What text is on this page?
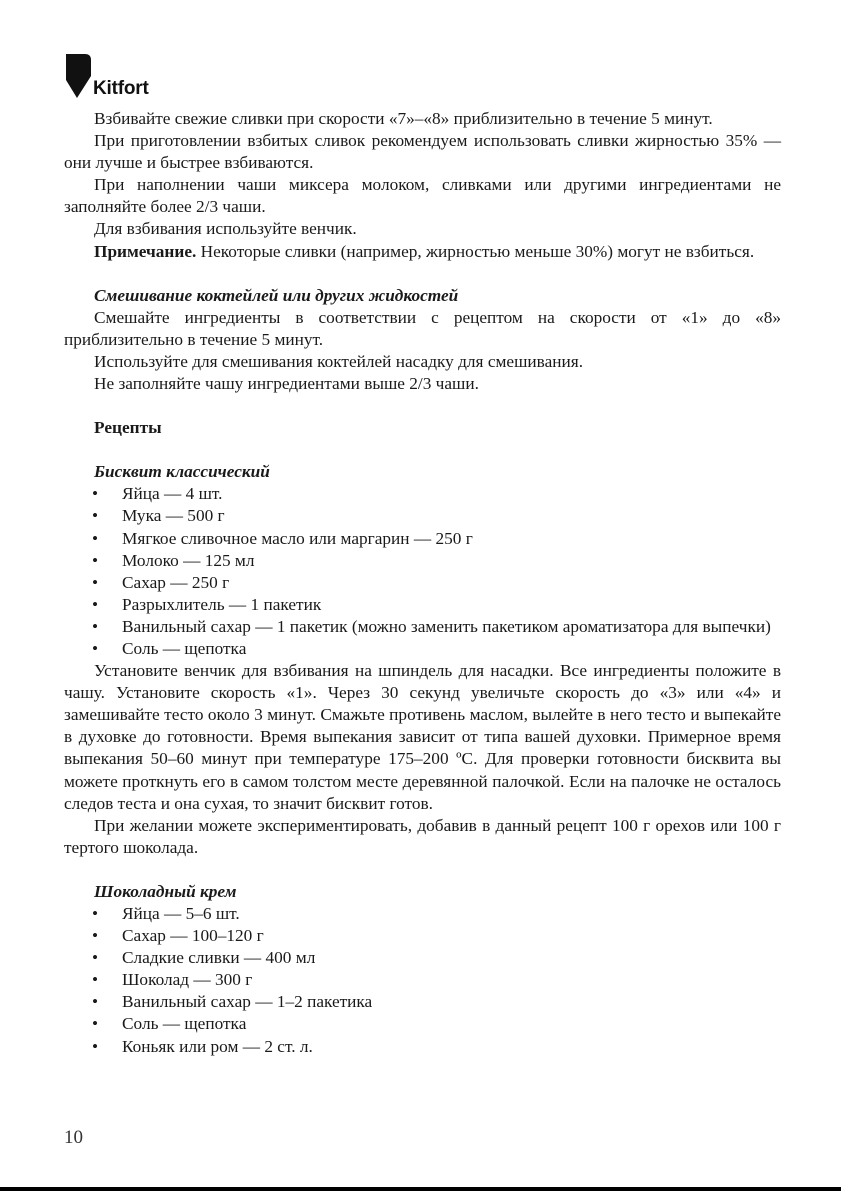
Kitfort

Взбивайте свежие сливки при скорости «7»–«8» приблизительно в течение 5 минут.

При приготовлении взбитых сливок рекомендуем использовать сливки жирностью 35% — они лучше и быстрее взбиваются.

При наполнении чаши миксера молоком, сливками или другими ингредиентами не заполняйте более 2/3 чаши.

Для взбивания используйте венчик.

Примечание. Некоторые сливки (например, жирностью меньше 30%) могут не взбиться.

Смешивание коктейлей или других жидкостей

Смешайте ингредиенты в соответствии с рецептом на скорости от «1» до «8» приблизительно в течение 5 минут.

Используйте для смешивания коктейлей насадку для смешивания.

Не заполняйте чашу ингредиентами выше 2/3 чаши.

Рецепты
Бисквит классический
• Яйца — 4 шт.
• Мука — 500 г
• Мягкое сливочное масло или маргарин — 250 г
• Молоко — 125 мл
• Сахар — 250 г
• Разрыхлитель — 1 пакетик
• Ванильный сахар — 1 пакетик (можно заменить пакетиком ароматизатора для выпечки)
• Соль — щепотка

Установите венчик для взбивания на шпиндель для насадки. Все ингредиенты положите в чашу. Установите скорость «1». Через 30 секунд увеличьте скорость до «3» или «4» и замешивайте тесто около 3 минут. Смажьте противень маслом, вылейте в него тесто и выпекайте в духовке до готовности. Время выпекания зависит от типа вашей духовки. Примерное время выпекания 50–60 минут при температуре 175–200 ºС. Для проверки готовности бисквита вы можете проткнуть его в самом толстом месте деревянной палочкой. Если на палочке не осталось следов теста и она сухая, то значит бисквит готов.

При желании можете экспериментировать, добавив в данный рецепт 100 г орехов или 100 г тертого шоколада.

Шоколадный крем
• Яйца — 5–6 шт.
• Сахар — 100–120 г
• Сладкие сливки — 400 мл
• Шоколад — 300 г
• Ванильный сахар — 1–2 пакетика
• Соль — щепотка
• Коньяк или ром — 2 ст. л.
10
